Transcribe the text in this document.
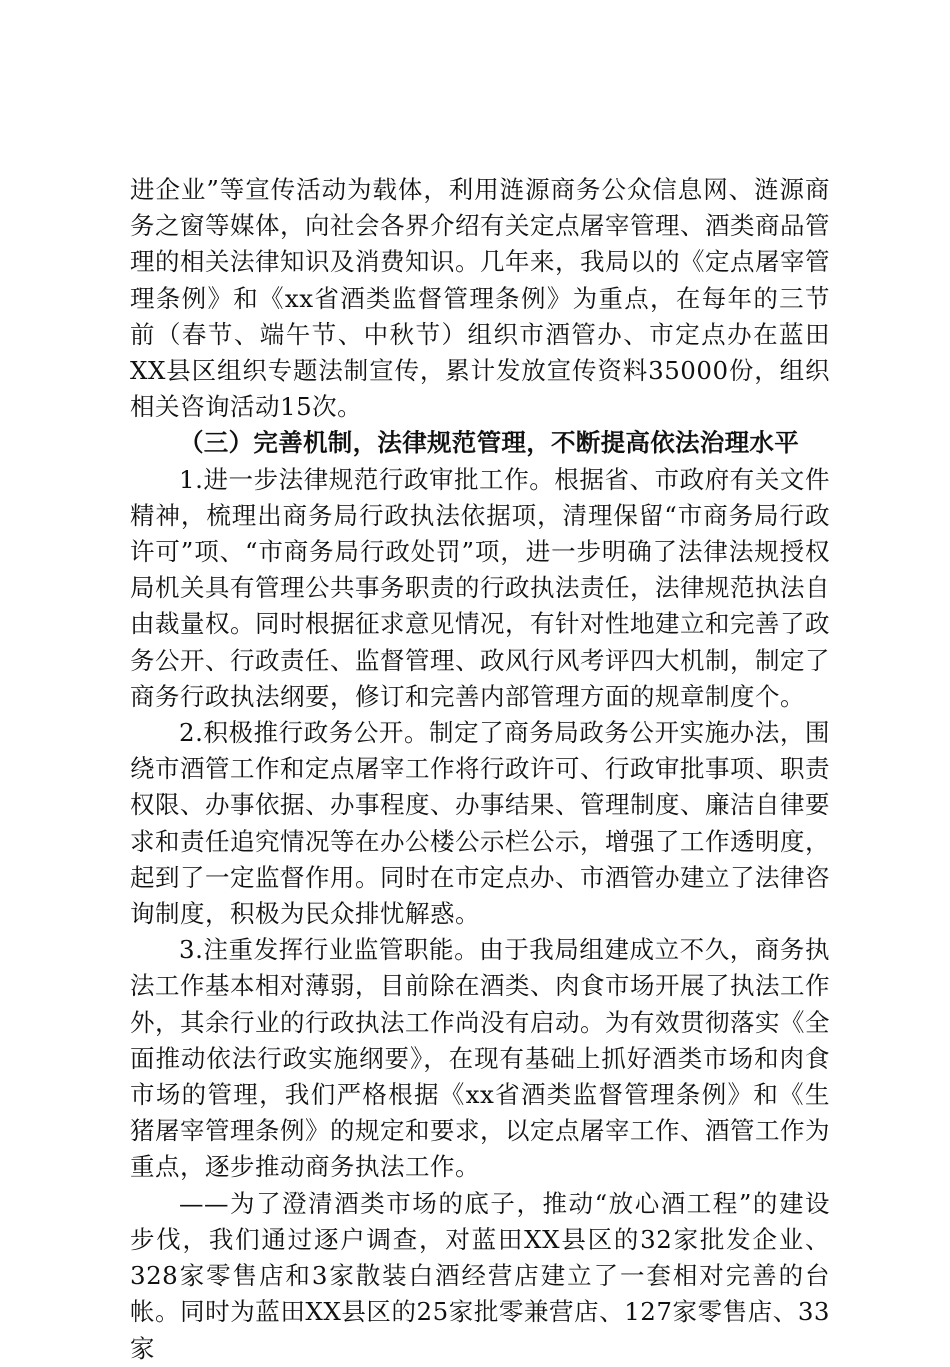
进企业”等宣传活动为载体，利用涟源商务公众信息网、涟源商务之窗等媒体，向社会各界介绍有关定点屠宰管理、酒类商品管理的相关法律知识及消费知识。几年来，我局以的《定点屠宰管理条例》和《xx省酒类监督管理条例》为重点，在每年的三节前（春节、端午节、中秋节）组织市酒管办、市定点办在蓝田XX县区组织专题法制宣传，累计发放宣传资料35000份，组织相关咨询活动15次。

（三）完善机制，法律规范管理，不断提高依法治理水平

1.进一步法律规范行政审批工作。根据省、市政府有关文件精神，梳理出商务局行政执法依据项，清理保留“市商务局行政许可”项、“市商务局行政处罚”项，进一步明确了法律法规授权局机关具有管理公共事务职责的行政执法责任，法律规范执法自由裁量权。同时根据征求意见情况，有针对性地建立和完善了政务公开、行政责任、监督管理、政风行风考评四大机制，制定了商务行政执法纲要，修订和完善内部管理方面的规章制度个。

2.积极推行政务公开。制定了商务局政务公开实施办法，围绕市酒管工作和定点屠宰工作将行政许可、行政审批事项、职责权限、办事依据、办事程度、办事结果、管理制度、廉洁自律要求和责任追究情况等在办公楼公示栏公示，增强了工作透明度，起到了一定监督作用。同时在市定点办、市酒管办建立了法律咨询制度，积极为民众排忧解惑。

3.注重发挥行业监管职能。由于我局组建成立不久，商务执法工作基本相对薄弱，目前除在酒类、肉食市场开展了执法工作外，其余行业的行政执法工作尚没有启动。为有效贯彻落实《全面推动依法行政实施纲要》，在现有基础上抓好酒类市场和肉食市场的管理，我们严格根据《xx省酒类监督管理条例》和《生猪屠宰管理条例》的规定和要求，以定点屠宰工作、酒管工作为重点，逐步推动商务执法工作。

——为了澄清酒类市场的底子，推动“放心酒工程”的建设步伐，我们通过逐户调查，对蓝田XX县区的32家批发企业、328家零售店和3家散装白酒经营店建立了一套相对完善的台帐。同时为蓝田XX县区的25家批零兼营店、127家零售店、33家
